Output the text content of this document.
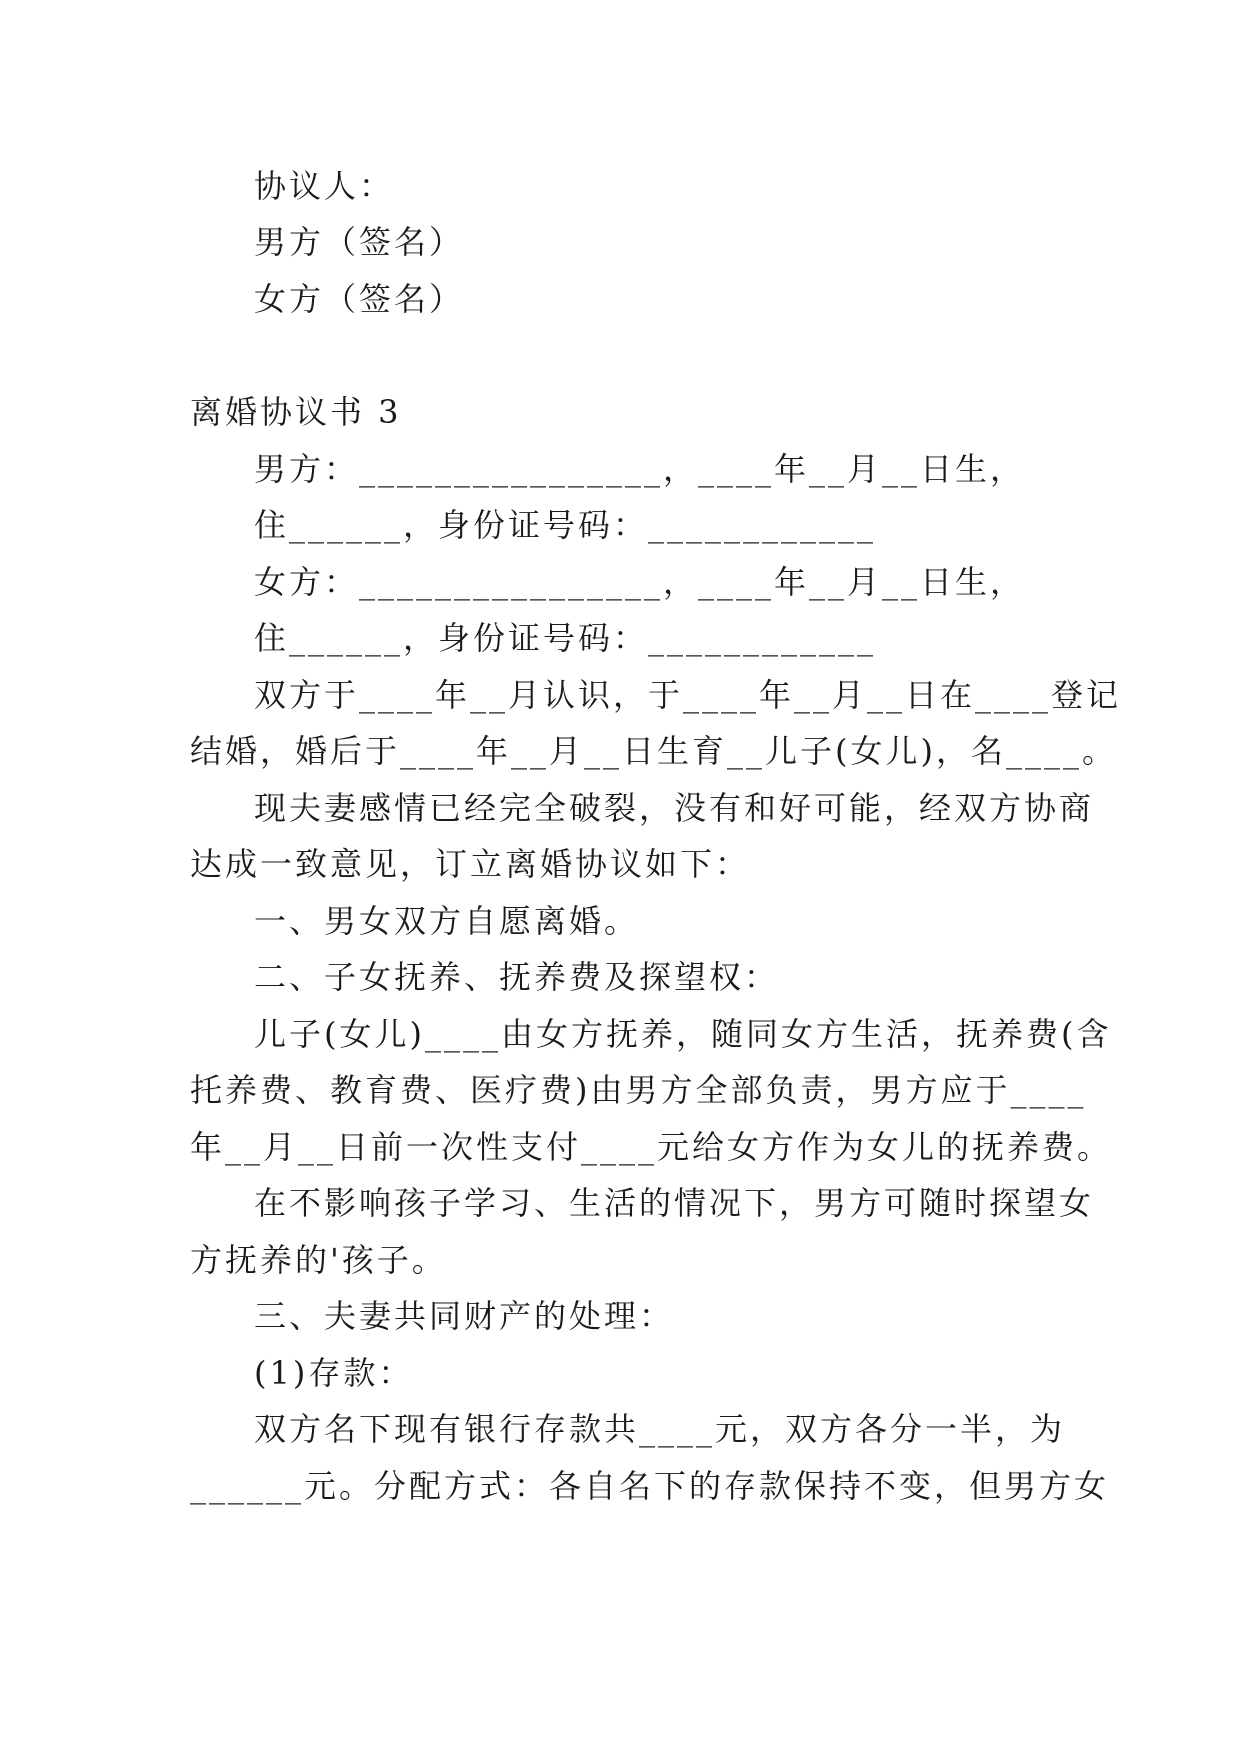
协议人：
男方（签名）
女方（签名）
离婚协议书 3
男方：________________，____年__月__日生，
住______，身份证号码：____________
女方：________________，____年__月__日生，
住______，身份证号码：____________
双方于____年__月认识，于____年__月__日在____登记
结婚，婚后于____年__月__日生育__儿子(女儿)，名____。
现夫妻感情已经完全破裂，没有和好可能，经双方协商
达成一致意见，订立离婚协议如下：
一、男女双方自愿离婚。
二、子女抚养、抚养费及探望权：
儿子(女儿)____由女方抚养，随同女方生活，抚养费(含
托养费、教育费、医疗费)由男方全部负责，男方应于____
年__月__日前一次性支付____元给女方作为女儿的抚养费。
在不影响孩子学习、生活的情况下，男方可随时探望女
方抚养的'孩子。
三、夫妻共同财产的处理：
(1)存款：
双方名下现有银行存款共____元，双方各分一半，为
______元。分配方式：各自名下的存款保持不变，但男方女
